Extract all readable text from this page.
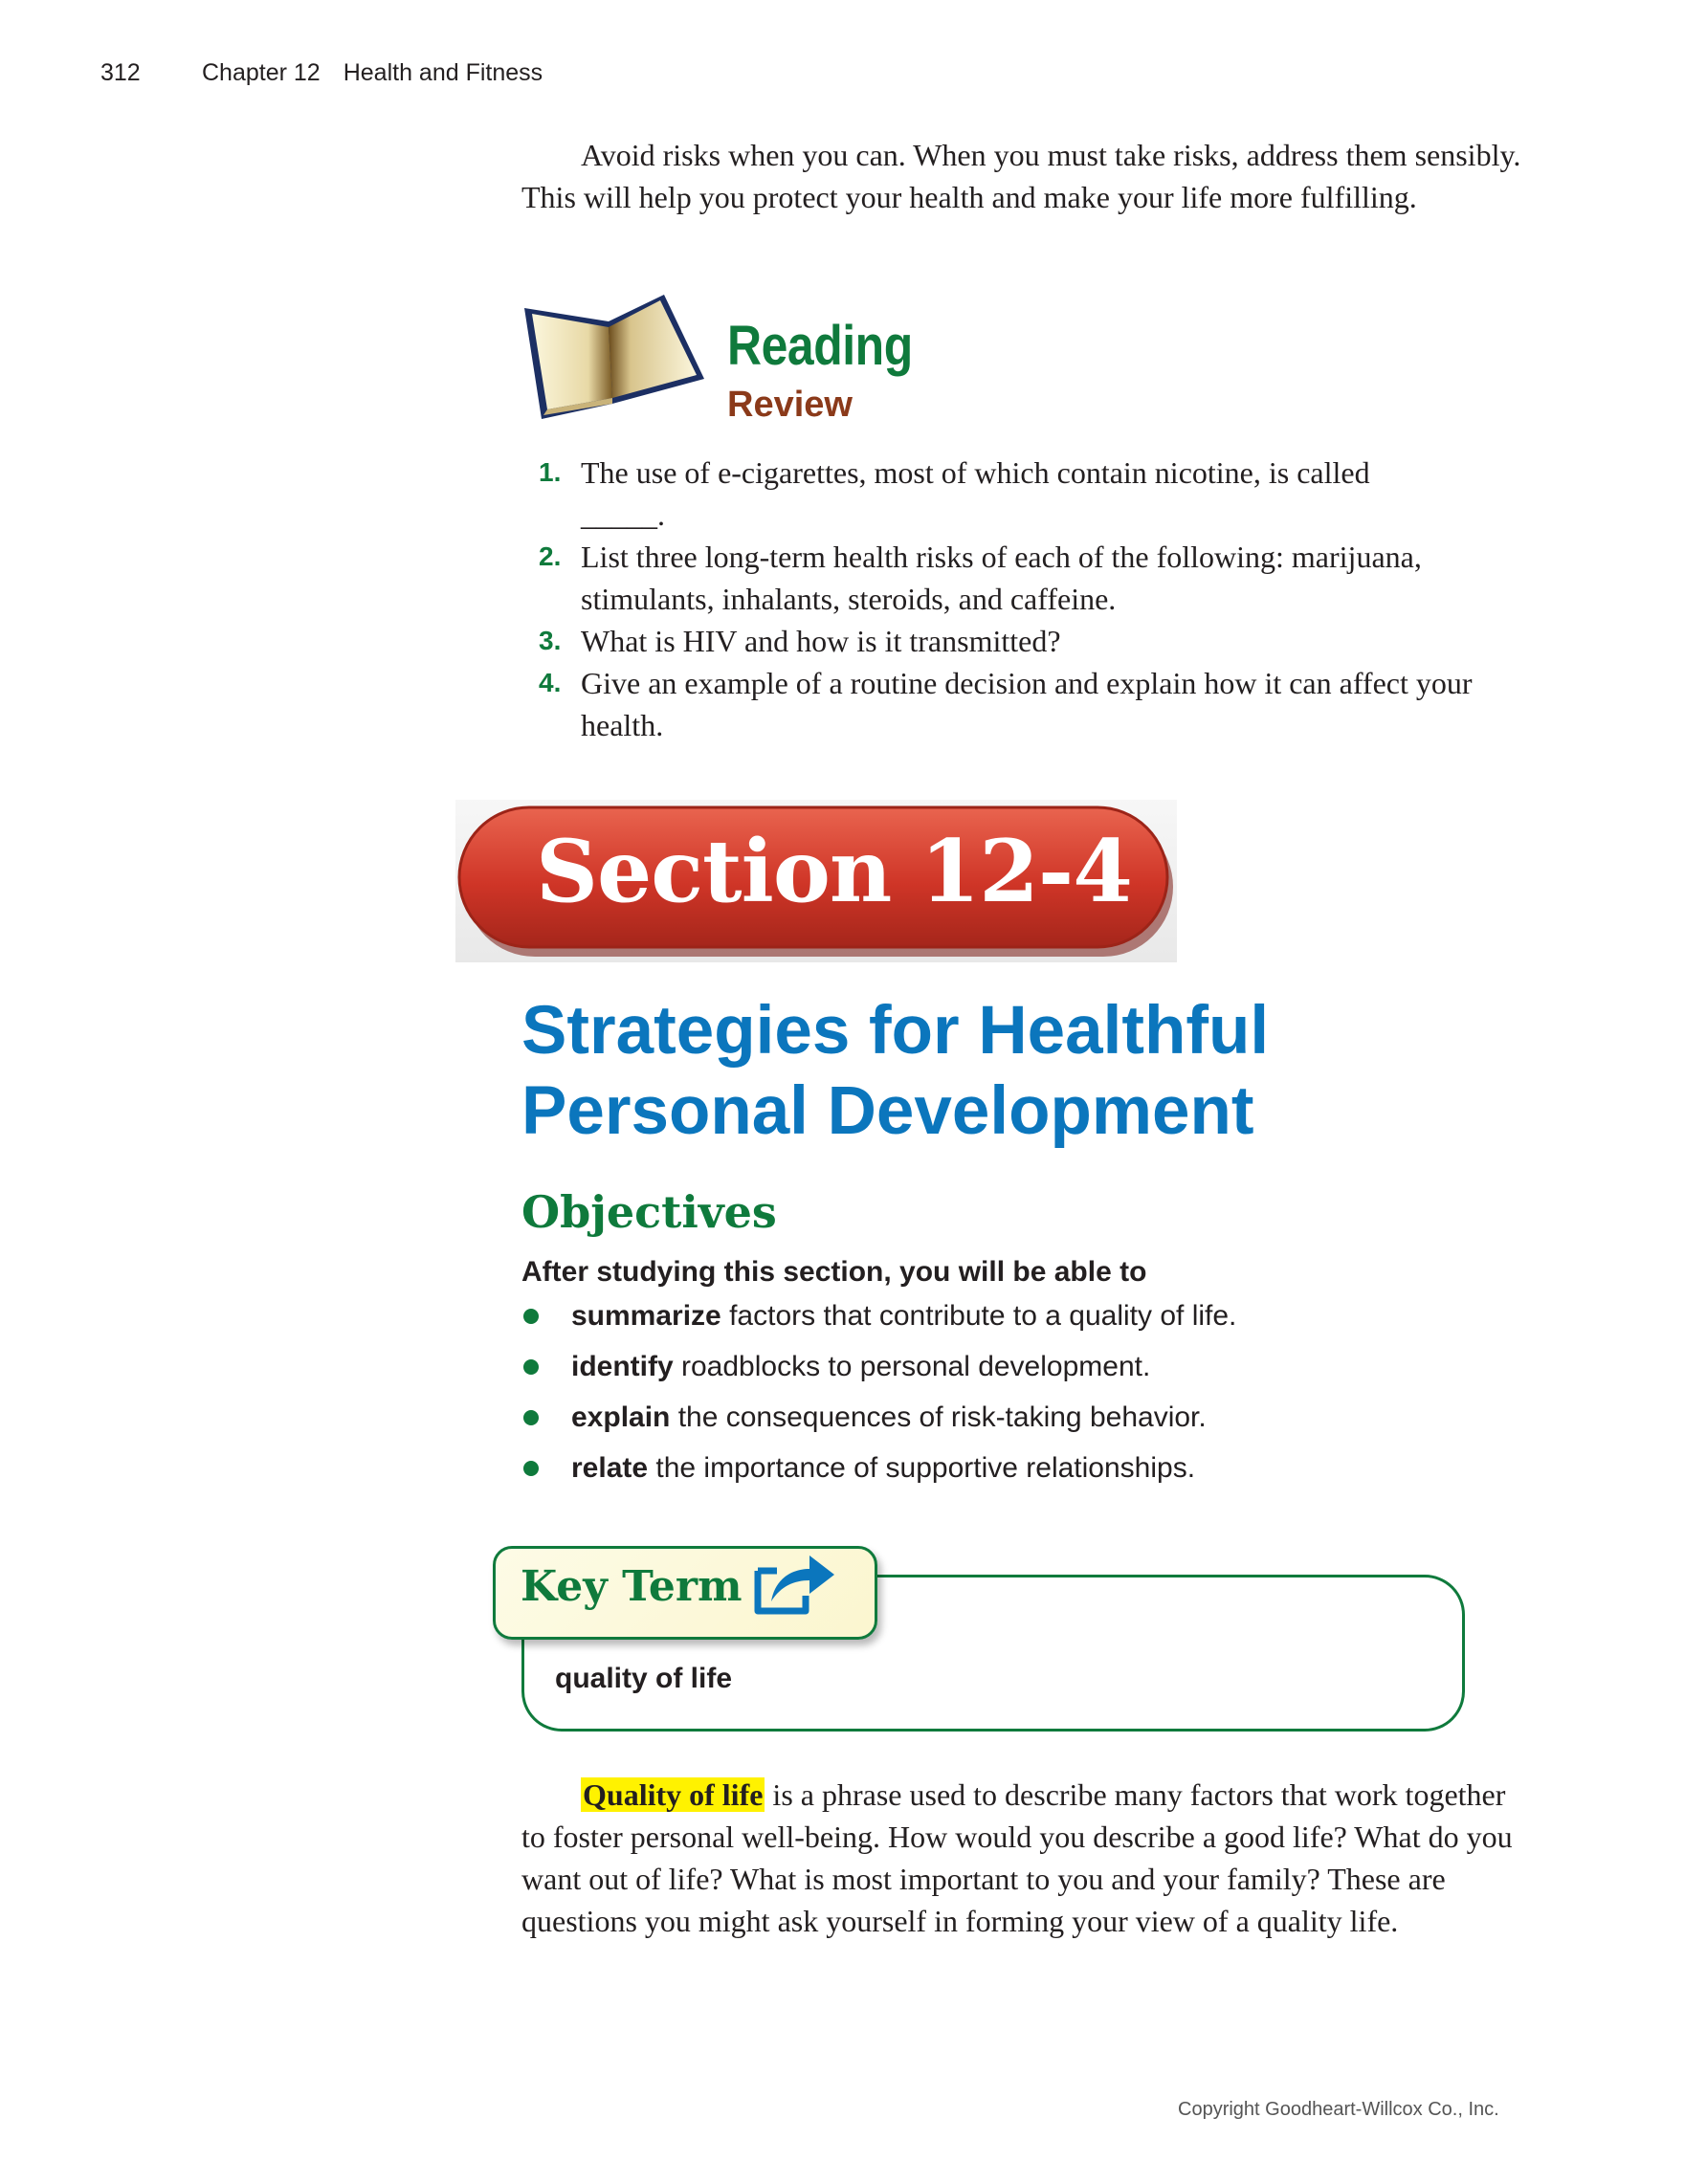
312	Chapter 12 Health and Fitness

Avoid risks when you can. When you must take risks, address them sensibly. This will help you protect your health and make your life more fulfilling.

Reading
Review
1. The use of e-cigarettes, most of which contain nicotine, is called
_____.
2. List three long-term health risks of each of the following: marijuana, stimulants, inhalants, steroids, and caffeine.
3. What is HIV and how is it transmitted?
4. Give an example of a routine decision and explain how it can affect your health.
Section 12-4
Strategies for Healthful Personal Development
Objectives
After studying this section, you will be able to
summarize factors that contribute to a quality of life.
identify roadblocks to personal development.
explain the consequences of risk-taking behavior.
relate the importance of supportive relationships.
Key Term
quality of life

Quality of life is a phrase used to describe many factors that work together to foster personal well-being. How would you describe a good life? What do you want out of life? What is most important to you and your family? These are questions you might ask yourself in forming your view of a quality life.

Copyright Goodheart-Willcox Co., Inc.
